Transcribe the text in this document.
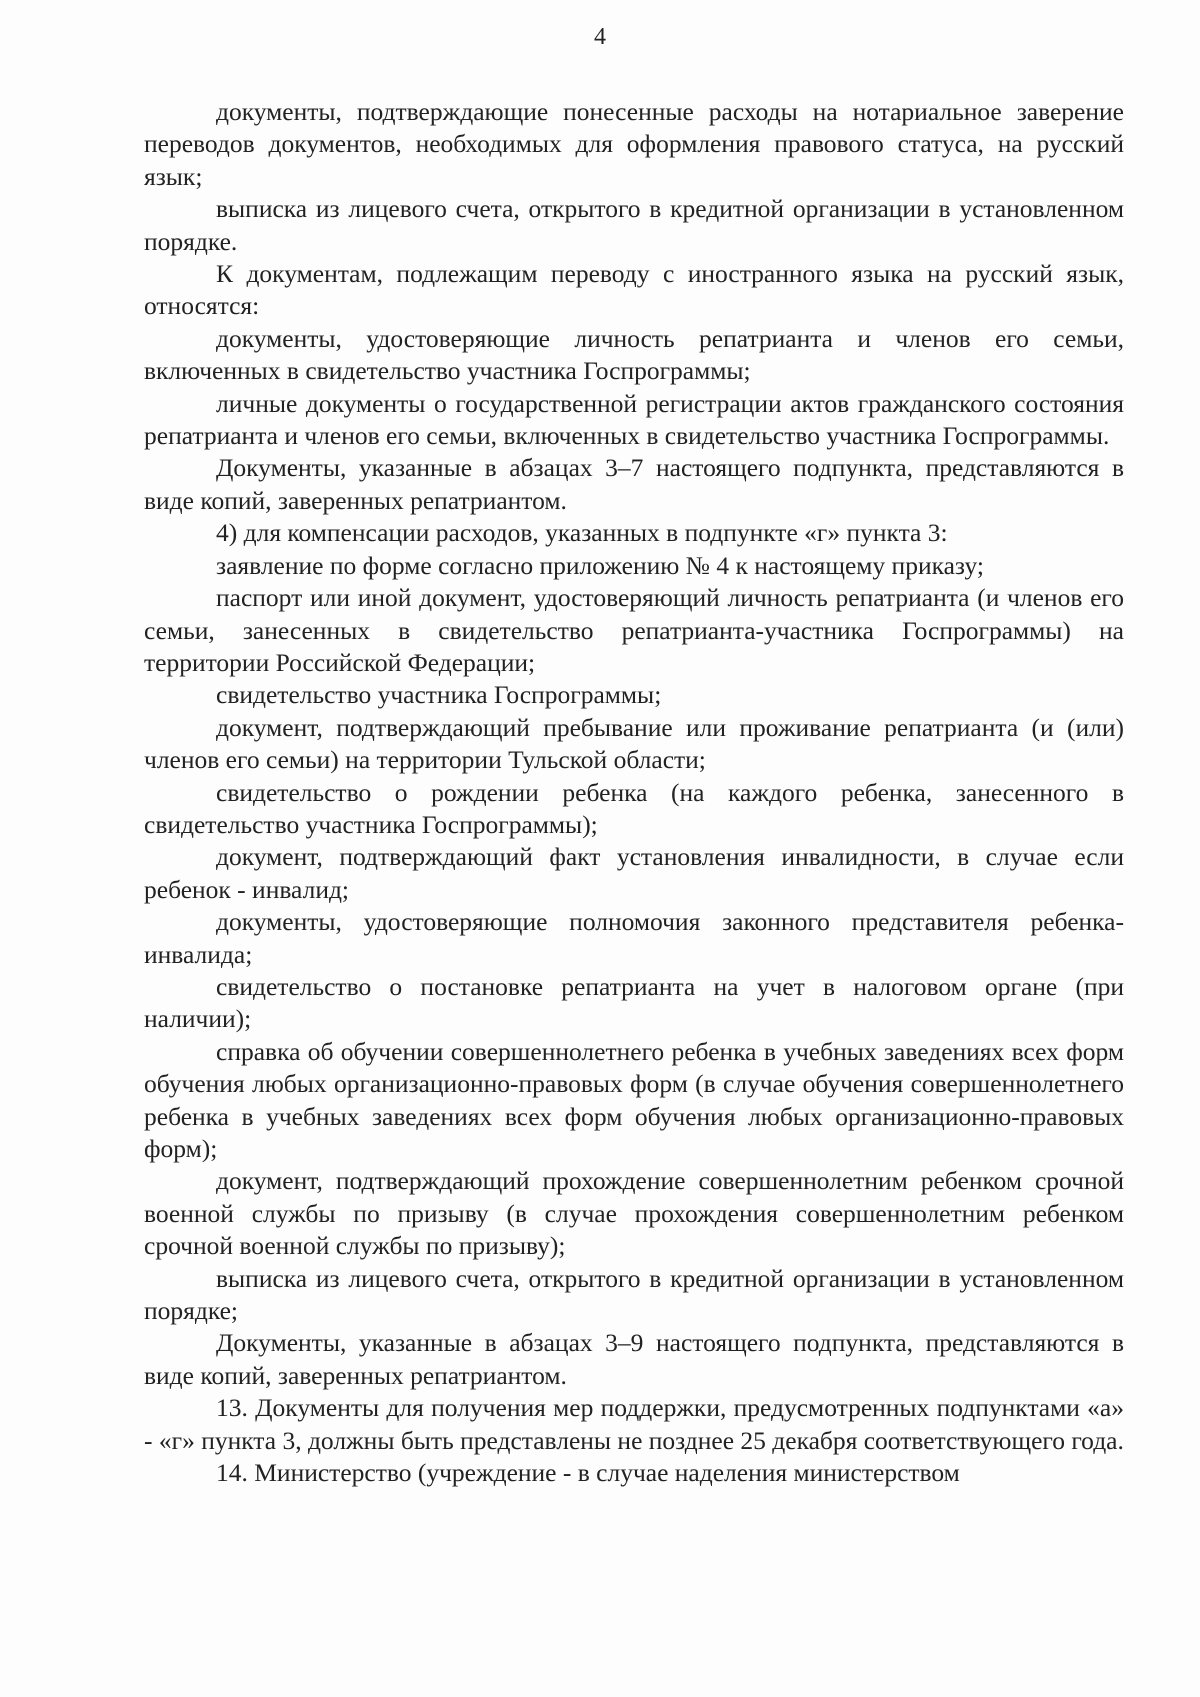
4

документы, подтверждающие понесенные расходы на нотариальное заверение переводов документов, необходимых для оформления правового статуса, на русский язык;

выписка из лицевого счета, открытого в кредитной организации в установленном порядке.

К документам, подлежащим переводу с иностранного языка на русский язык, относятся:

документы, удостоверяющие личность репатрианта и членов его семьи, включенных в свидетельство участника Госпрограммы;

личные документы о государственной регистрации актов гражданского состояния репатрианта и членов его семьи, включенных в свидетельство участника Госпрограммы.

Документы, указанные в абзацах 3–7 настоящего подпункта, представляются в виде копий, заверенных репатриантом.

4) для компенсации расходов, указанных в подпункте «г» пункта 3:

заявление по форме согласно приложению № 4 к настоящему приказу;

паспорт или иной документ, удостоверяющий личность репатрианта (и членов его семьи, занесенных в свидетельство репатрианта-участника Госпрограммы) на территории Российской Федерации;

свидетельство участника Госпрограммы;

документ, подтверждающий пребывание или проживание репатрианта (и (или) членов его семьи) на территории Тульской области;

свидетельство о рождении ребенка (на каждого ребенка, занесенного в свидетельство участника Госпрограммы);

документ, подтверждающий факт установления инвалидности, в случае если ребенок - инвалид;

документы, удостоверяющие полномочия законного представителя ребенка-инвалида;

свидетельство о постановке репатрианта на учет в налоговом органе (при наличии);

справка об обучении совершеннолетнего ребенка в учебных заведениях всех форм обучения любых организационно-правовых форм (в случае обучения совершеннолетнего ребенка в учебных заведениях всех форм обучения любых организационно-правовых форм);

документ, подтверждающий прохождение совершеннолетним ребенком срочной военной службы по призыву (в случае прохождения совершеннолетним ребенком срочной военной службы по призыву);

выписка из лицевого счета, открытого в кредитной организации в установленном порядке;

Документы, указанные в абзацах 3–9 настоящего подпункта, представляются в виде копий, заверенных репатриантом.

13. Документы для получения мер поддержки, предусмотренных подпунктами «а» - «г» пункта 3, должны быть представлены не позднее 25 декабря соответствующего года.

14. Министерство (учреждение - в случае наделения министерством
